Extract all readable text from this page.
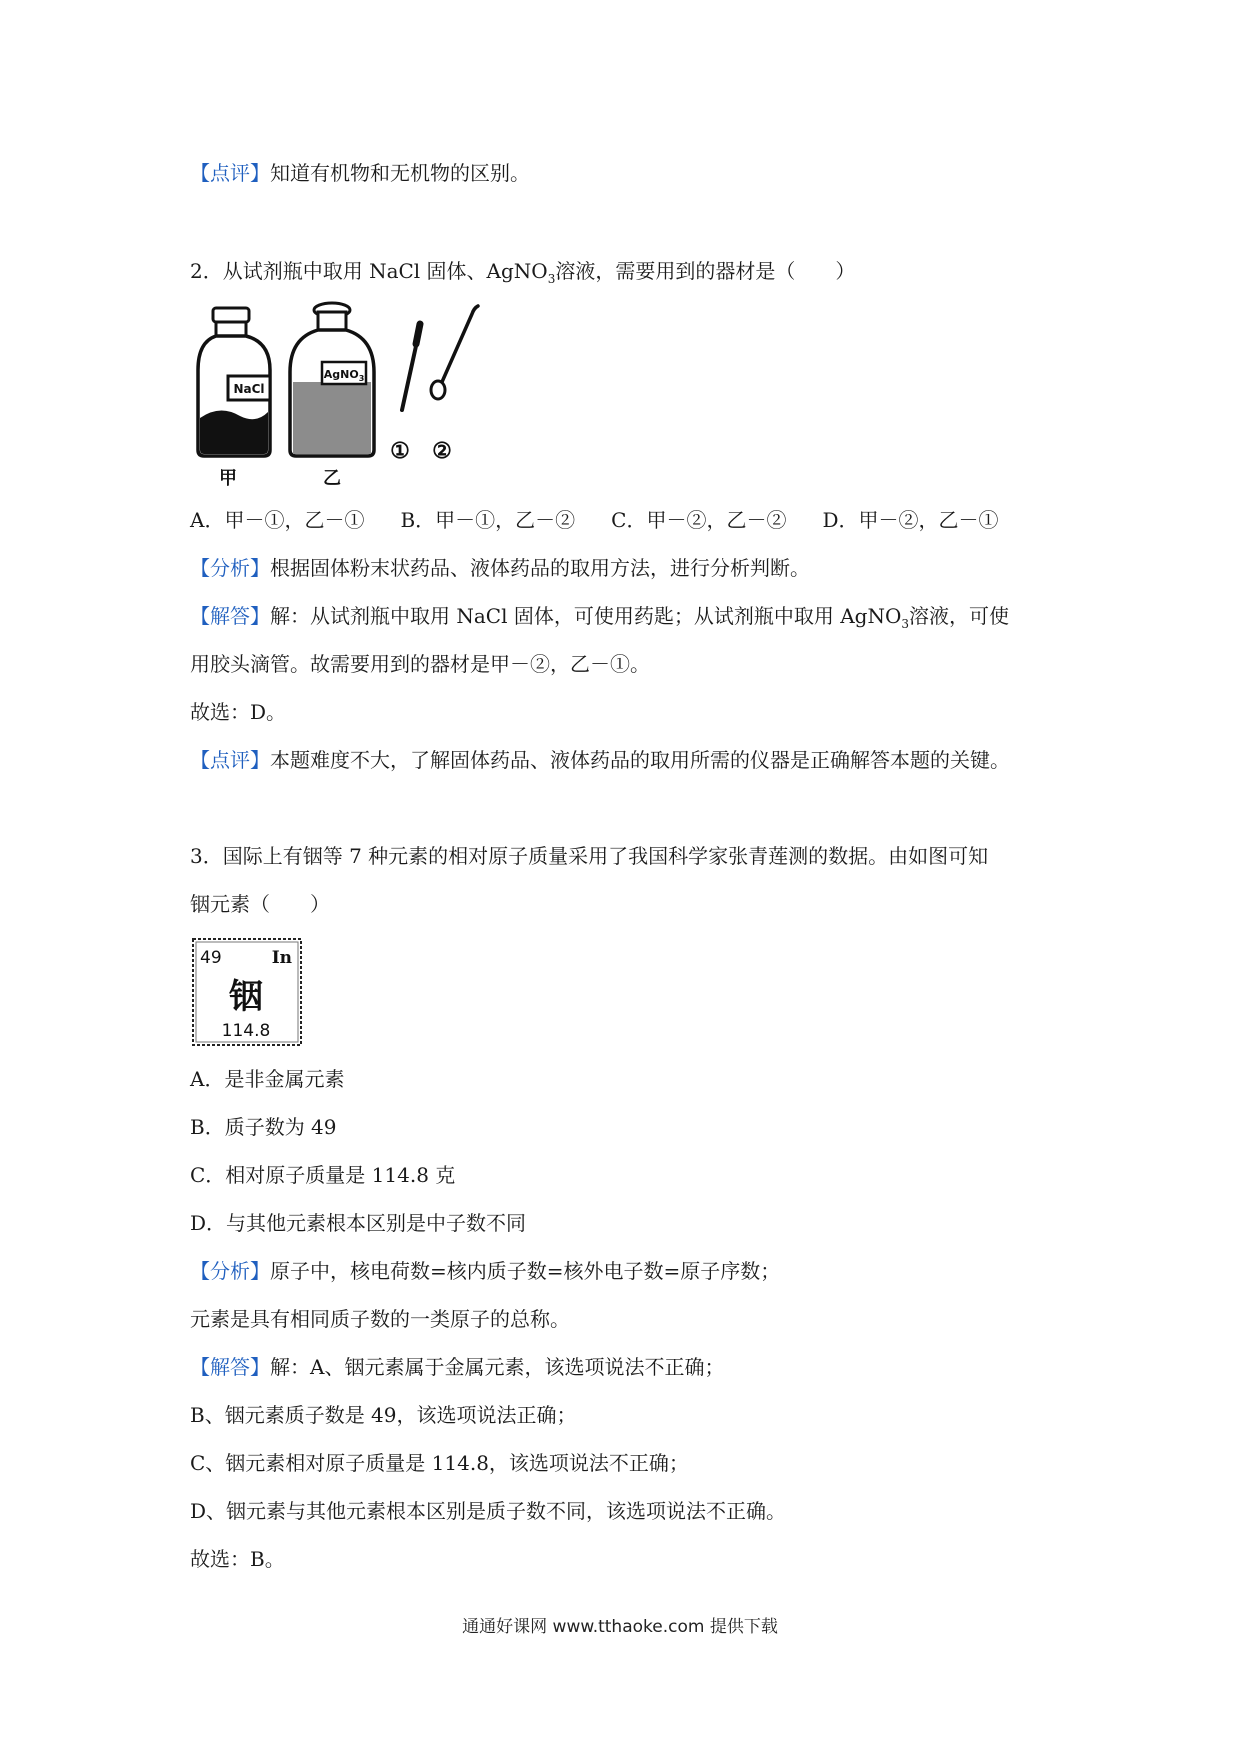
【点评】知道有机物和无机物的区别。
2．从试剂瓶中取用 NaCl 固体、AgNO$_3$溶液，需要用到的器材是（　　）
NaCl
甲
AgNO$_3$
乙
① ②
A．甲－①，乙－① B．甲－①，乙－② C．甲－②，乙－② D．甲－②，乙－①
【分析】根据固体粉末状药品、液体药品的取用方法，进行分析判断。
【解答】解：从试剂瓶中取用 NaCl 固体，可使用药匙；从试剂瓶中取用 AgNO$_3$溶液，可使
用胶头滴管。故需要用到的器材是甲－②，乙－①。
故选：D。
【点评】本题难度不大，了解固体药品、液体药品的取用所需的仪器是正确解答本题的关键。
3．国际上有铟等 7 种元素的相对原子质量采用了我国科学家张青莲测的数据。由如图可知
铟元素（　　）
49	In
铟
114.8
A．是非金属元素
B．质子数为 49
C．相对原子质量是 114.8 克
D．与其他元素根本区别是中子数不同
【分析】原子中，核电荷数=核内质子数=核外电子数=原子序数；
元素是具有相同质子数的一类原子的总称。
【解答】解：A、铟元素属于金属元素，该选项说法不正确；
B、铟元素质子数是 49，该选项说法正确；
C、铟元素相对原子质量是 114.8，该选项说法不正确；
D、铟元素与其他元素根本区别是质子数不同，该选项说法不正确。
故选：B。
通通好课网 www.tthaoke.com 提供下载
